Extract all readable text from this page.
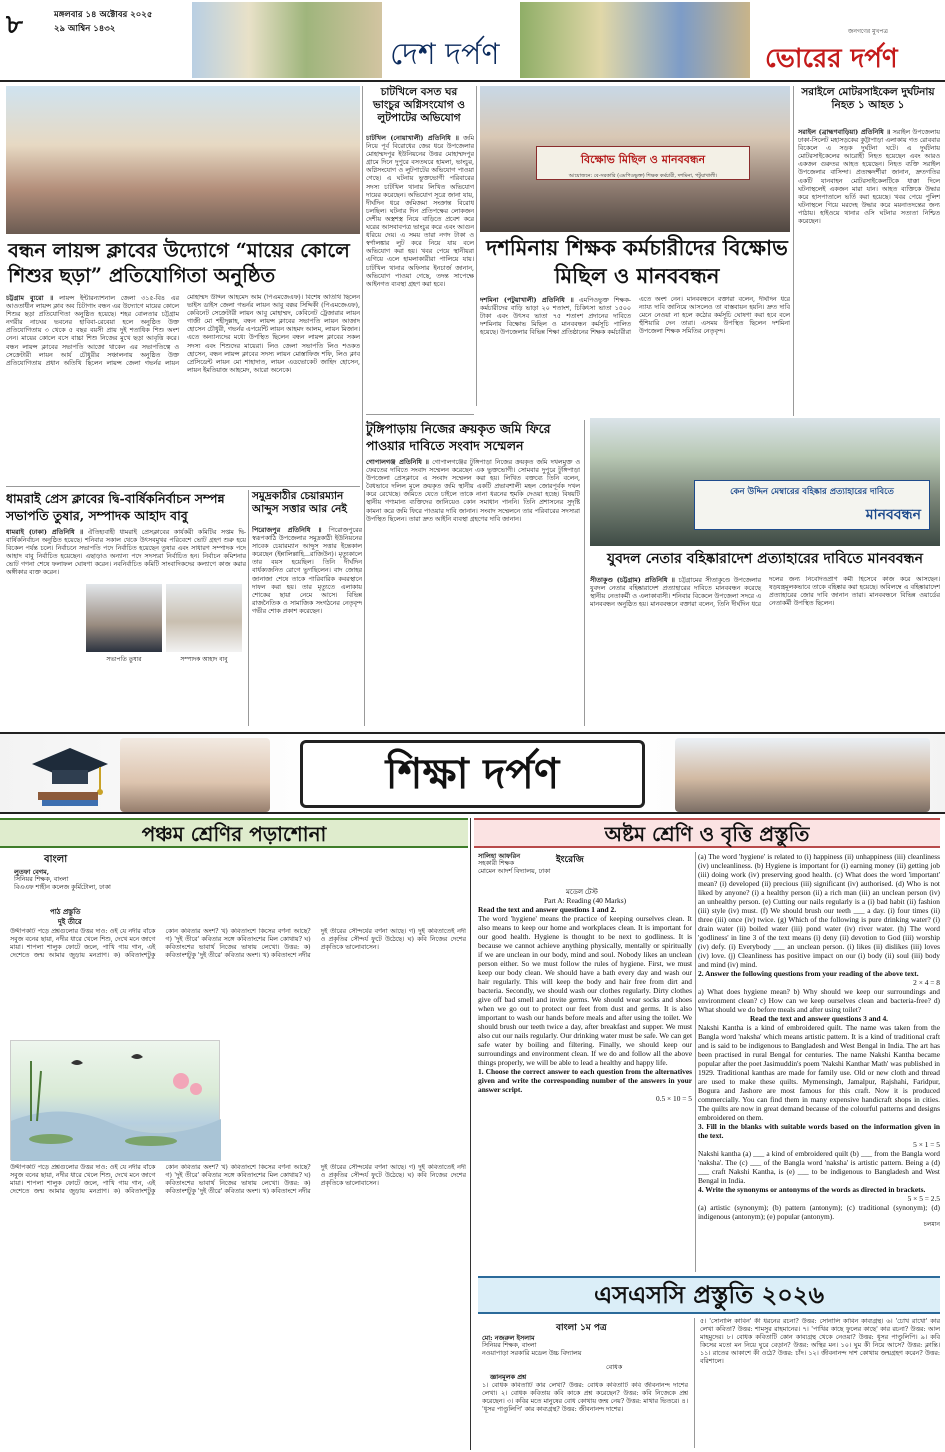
৮	মঙ্গলবার ১৪ অক্টোবর ২০২৫
২৯ আশ্বিন ১৪৩২
দেশ দর্পণ
জনগণের মুখপত্র
ভোরের দর্পণ
বন্ধন লায়ন্স ক্লাবের উদ্যোগে “মায়ের কোলে শিশুর ছড়া” প্রতিযোগিতা অনুষ্ঠিত
চট্টগ্রাম ব্যুরো ॥ লায়ন্স ইন্টারন্যাশনাল জেলা ৩১৫-বি৪ এর আওতাধীন লায়ন্স ক্লাব অব চিটাগাং বন্ধন এর উদ্যোগে মায়ের কোলে শিশুর ছড়া প্রতিযোগিতা অনুষ্ঠিত হয়েছে। শহর বোলতার চট্টগ্রাম নগরীর নাচঘর ভবনের হাবিবা-রেবেয়া হলে অনুষ্ঠিত উক্ত প্রতিযোগিতায় ৩ থেকে ৫ বছর বয়সী প্রায় দুই শতাধিক শিশু অংশ নেন। মায়ের কোলে বসে বাচ্চা শিশু নিজের মুখে ছড়া আবৃত্তি করে। বন্ধন লায়ন্স ক্লাবের সভাপতি আজো থাকেন এর সভাপতিত্বে ও সেক্রেটারী লায়ন আর্য চৌধুরীর সঞ্চালনায় অনুষ্ঠিত উক্ত প্রতিযোগিতায় প্রধান অতিথি ছিলেন লায়ন্স জেলা গভর্নর লায়ন মোহাম্মদ উদ্দিন আহমেদ আম (পিএমজেএফ)। বিশেষ অতিথি ছিলেন ভাইস ডাইস জেলা গভর্নর লায়ন আবু বক্কর সিদ্দিকী (পিএমজেএফ), কেবিনেট সেক্রেটারী লায়ন আবু মোহাম্মদ, কেবিনেট ট্রেজারার লায়ন গাজী মো শহীদুল্লাহ, বন্ধন লায়ন্স ক্লাবের সভাপতি লায়ন আজাদ হোসেন চৌধুরী, গভর্নর এপয়েন্টি লায়ন আহমদ আলম, লায়ন মিজান। এতে অন্যান্যদের মধ্যে উপস্থিত ছিলেন বন্ধন লায়ন্স ক্লাবের সকল সদস্য এবং শিশুদের মায়েরা। লিও জেলা সভাপতি লিও শওকত হোসেন, বন্ধন লায়ন্স ক্লাবের সদস্য লায়ন মোস্তাফিজ শফি, লিও ক্লাব প্রেসিডেন্ট লায়ন মো শাহাদাত, লায়ন এডভোকেট জাহিদ হোসেন, লায়ন ইমতিয়াজ আহমেদ, আরো অনেকে।
চাটখিলে বসত ঘর ভাংচুর অগ্নিসংযোগ ও লুটপাটের অভিযোগ
চাটখিল (নোয়াখালী) প্রতিনিধি ॥ জমি নিয়ে পূর্ব বিরোধের জের ধরে উপজেলার মোহাম্মদপুর ইউনিয়নের উত্তর মোহাম্মদপুর গ্রামে দিনে দুপুরে বসতঘরে হামলা, ভাংচুর, অগ্নিসংযোগ ও লুটপাটের অভিযোগ পাওয়া গেছে। এ ঘটনায় ভুক্তভোগী পরিবারের সদস্য চাটখিল থানায় লিখিত অভিযোগ দায়ের করেছেন। অভিযোগ সূত্রে জানা যায়, দীর্ঘদিন ধরে জমিজমা সংক্রান্ত বিরোধ চলছিল। ঘটনার দিন প্রতিপক্ষের লোকজন দেশীয় অস্ত্রশস্ত্র নিয়ে বাড়িতে প্রবেশ করে ঘরের আসবাবপত্র ভাংচুর করে এবং আগুন ধরিয়ে দেয়। এ সময় তারা নগদ টাকা ও স্বর্ণালঙ্কার লুট করে নিয়ে যায় বলে অভিযোগ করা হয়। খবর পেয়ে স্থানীয়রা এগিয়ে এলে হামলাকারীরা পালিয়ে যায়। চাটখিল থানার অফিসার ইনচার্জ জানান, অভিযোগ পাওয়া গেছে, তদন্ত সাপেক্ষে আইনগত ব্যবস্থা গ্রহণ করা হবে।
বিক্ষোভ মিছিল ও মানববন্ধন
আয়োজনে: বে-সরকারি (এমপিওভুক্ত) শিক্ষক কর্মচারী, দশমিনা, পটুয়াখালী।
দশমিনায় শিক্ষক কর্মচারীদের বিক্ষোভ মিছিল ও মানববন্ধন
দশমিনা (পটুয়াখালী) প্রতিনিধি ॥ এমপিওভুক্ত শিক্ষক-কর্মচারীদের বাড়ি ভাড়া ২০ শতাংশ, চিকিৎসা ভাতা ১৫০০ টাকা এবং উৎসব ভাতা ৭৫ শতাংশ প্রদানের দাবিতে দশমিনায় বিক্ষোভ মিছিল ও মানববন্ধন কর্মসূচি পালিত হয়েছে। উপজেলার বিভিন্ন শিক্ষা প্রতিষ্ঠানের শিক্ষক কর্মচারীরা এতে অংশ নেন। মানববন্ধনে বক্তারা বলেন, দীর্ঘদিন ধরে ন্যায্য দাবি জানিয়ে আসলেও তা বাস্তবায়ন হয়নি। দ্রুত দাবি মেনে নেওয়া না হলে কঠোর কর্মসূচি ঘোষণা করা হবে বলে হুঁশিয়ারি দেন তারা। এসময় উপস্থিত ছিলেন দশমিনা উপজেলা শিক্ষক সমিতির নেতৃবৃন্দ।
সরাইলে মোটরসাইকেল দুর্ঘটনায় নিহত ১ আহত ১
সরাইল (ব্রাহ্মণবাড়িয়া) প্রতিনিধি ॥ সরাইল উপজেলায় ঢাকা-সিলেট মহাসড়কের কুট্টাপাড়া এলাকায় গত রোববার বিকেলে এ সড়ক দুর্ঘটনা ঘটে। এ দুর্ঘটনায় মোটরসাইকেলের আরোহী নিহত হয়েছেন এবং আরও একজন গুরুতর আহত হয়েছেন। নিহত ব্যক্তি সরাইল উপজেলার বাসিন্দা। প্রত্যক্ষদর্শীরা জানান, দ্রুতগতির একটি যানবাহন মোটরসাইকেলটিকে ধাক্কা দিলে ঘটনাস্থলেই একজন মারা যান। আহত ব্যক্তিকে উদ্ধার করে হাসপাতালে ভর্তি করা হয়েছে। খবর পেয়ে পুলিশ ঘটনাস্থলে গিয়ে মরদেহ উদ্ধার করে ময়নাতদন্তের জন্য পাঠায়। হাইওয়ে থানার ওসি ঘটনার সত্যতা নিশ্চিত করেছেন।
টুঙ্গিপাড়ায় নিজের ক্রয়কৃত জমি ফিরে পাওয়ার দাবিতে সংবাদ সম্মেলন
গোপালগঞ্জ প্রতিনিধি ॥ গোপালগঞ্জের টুঙ্গিপাড়া নিজের ক্রয়কৃত জমি দখলমুক্ত ও ফেরতের দাবিতে সংবাদ সম্মেলন করেছেন এক ভুক্তভোগী। সোমবার দুপুরে টুঙ্গিপাড়া উপজেলা প্রেসক্লাবে এ সংবাদ সম্মেলন করা হয়। লিখিত বক্তব্যে তিনি বলেন, বৈধভাবে দলিল মূলে ক্রয়কৃত জমি স্থানীয় একটি প্রভাবশালী মহল জোরপূর্বক দখল করে রেখেছে। জমিতে যেতে চাইলে তাকে নানা ধরনের হুমকি দেওয়া হচ্ছে। বিষয়টি স্থানীয় গণ্যমান্য ব্যক্তিদের জানিয়েও কোন সমাধান পাননি। তিনি প্রশাসনের সুদৃষ্টি কামনা করে জমি ফিরে পাওয়ার দাবি জানান। সংবাদ সম্মেলনে তার পরিবারের সদস্যরা উপস্থিত ছিলেন। তারা দ্রুত আইনি ব্যবস্থা গ্রহণের দাবি জানান।
কেন উদ্দিন মেম্বারের বহিষ্কার প্রত্যাহারের দাবিতে
মানববন্ধন
যুবদল নেতার বহিষ্কারাদেশ প্রত্যাহারের দাবিতে মানববন্ধন
ধামরাই প্রেস ক্লাবের দ্বি-বার্ষিকনির্বাচন সম্পন্ন সভাপতি তুষার, সম্পাদক আহাদ বাবু
ধামরাই (ঢাকা) প্রতিনিধি ॥ ঐতিহ্যবাহী ধামরাই প্রেসক্লাবের কার্যকরী কমিটির সপ্তম দ্বি-বার্ষিকনির্বাচন অনুষ্ঠিত হয়েছে। শনিবার সকাল থেকে উৎসবমুখর পরিবেশে ভোট গ্রহণ শুরু হয়ে বিকেল পর্যন্ত চলে। নির্বাচনে সভাপতি পদে নির্বাচিত হয়েছেন তুষার এবং সাধারণ সম্পাদক পদে আহাদ বাবু নির্বাচিত হয়েছেন। এছাড়াও অন্যান্য পদে সদস্যরা নির্বাচিত হন। নির্বাচন কমিশনার ভোট গণনা শেষে ফলাফল ঘোষণা করেন। নবনির্বাচিত কমিটি সাংবাদিকদের কল্যাণে কাজ করার অঙ্গীকার ব্যক্ত করেন।
সভাপতি তুষার	সম্পাদক আহাদ বাবু
সমুদ্রকাঠীর চেয়ারম্যান আব্দুস সত্তার আর নেই
পিরোজপুর প্রতিনিধি ॥ পিরোজপুরের স্বরূপকাঠি উপজেলার সমুদ্রকাঠী ইউনিয়নের সাবেক চেয়ারম্যান আব্দুস সত্তার ইন্তেকাল করেছেন (ইন্নালিল্লাহি...রাজিউন)। মৃত্যুকালে তার বয়স হয়েছিল। তিনি দীর্ঘদিন বার্ধক্যজনিত রোগে ভুগছিলেন। বাদ জোহর জানাজা শেষে তাকে পারিবারিক কবরস্থানে দাফন করা হয়। তার মৃত্যুতে এলাকায় শোকের ছায়া নেমে আসে। বিভিন্ন রাজনৈতিক ও সামাজিক সংগঠনের নেতৃবৃন্দ গভীর শোক প্রকাশ করেছেন।
সীতাকুণ্ড (চট্টগ্রাম) প্রতিনিধি ॥ চট্টগ্রামের সীতাকুণ্ডে উপজেলার যুবদল নেতার বহিষ্কারাদেশ প্রত্যাহারের দাবিতে মানববন্ধন করেছে স্থানীয় নেতাকর্মী ও এলাকাবাসী। শনিবার বিকেলে উপজেলা সদরে এ মানববন্ধন অনুষ্ঠিত হয়। মানববন্ধনে বক্তারা বলেন, তিনি দীর্ঘদিন ধরে দলের জন্য নিবেদিতপ্রাণ কর্মী হিসেবে কাজ করে আসছেন। ষড়যন্ত্রমূলকভাবে তাকে বহিষ্কার করা হয়েছে। অবিলম্বে এ বহিষ্কারাদেশ প্রত্যাহারের জোর দাবি জানান তারা। মানববন্ধনে বিভিন্ন ওয়ার্ডের নেতাকর্মী উপস্থিত ছিলেন।
শিক্ষা দর্পণ
পঞ্চম শ্রেণির পড়াশোনা
বাংলা
লুতফা বেগম,
সিনিয়র শিক্ষক, বাংলা
বিএএফ শাহীন কলেজ কুর্মিটোলা, ঢাকা
পাঠ প্রস্তুতি
দুই তীরে
উদ্দীপকটি পড়ে প্রশ্নগুলোর উত্তর দাও: ওই যে নদীর বাঁকে সবুজ বনের ছায়া, নদীর ধারে খেলে শিশু, দেখে মনে জাগে মায়া। শাপলা শালুক ফোটে জলে, পাখি গায় গান, এই দেশেতে জন্ম আমার জুড়ায় মনপ্রাণ। ক) কবিতাংশটুকু কোন কবিতার অংশ? খ) কবিতাংশে কিসের বর্ণনা আছে? গ) 'দুই তীরে' কবিতার সঙ্গে কবিতাংশের মিল কোথায়? ঘ) কবিতাংশের ভাবার্থ নিজের ভাষায় লেখো। উত্তর: ক) কবিতাংশটুকু 'দুই তীরে' কবিতার অংশ। খ) কবিতাংশে নদীর দুই তীরের সৌন্দর্যের বর্ণনা আছে। গ) দুই কবিতাতেই নদী ও প্রকৃতির সৌন্দর্য ফুটে উঠেছে। ঘ) কবি নিজের দেশের প্রকৃতিকে ভালোবাসেন।
উদ্দীপকটি পড়ে প্রশ্নগুলোর উত্তর দাও: ওই যে নদীর বাঁকে সবুজ বনের ছায়া, নদীর ধারে খেলে শিশু, দেখে মনে জাগে মায়া। শাপলা শালুক ফোটে জলে, পাখি গায় গান, এই দেশেতে জন্ম আমার জুড়ায় মনপ্রাণ। ক) কবিতাংশটুকু কোন কবিতার অংশ? খ) কবিতাংশে কিসের বর্ণনা আছে? গ) 'দুই তীরে' কবিতার সঙ্গে কবিতাংশের মিল কোথায়? ঘ) কবিতাংশের ভাবার্থ নিজের ভাষায় লেখো। উত্তর: ক) কবিতাংশটুকু 'দুই তীরে' কবিতার অংশ। খ) কবিতাংশে নদীর দুই তীরের সৌন্দর্যের বর্ণনা আছে। গ) দুই কবিতাতেই নদী ও প্রকৃতির সৌন্দর্য ফুটে উঠেছে। ঘ) কবি নিজের দেশের প্রকৃতিকে ভালোবাসেন।
অষ্টম শ্রেণি ও বৃত্তি প্রস্তুতি
ইংরেজি
সালিহা আফরিন
সহকারী শিক্ষক
মোমেন আদর্শ বিদ্যালয়, ঢাকা
মডেল টেস্ট
Part A: Reading (40 Marks)
Read the text and answer questions 1 and 2.
The word 'hygiene' means the practice of keeping ourselves clean. It also means to keep our home and workplaces clean. It is important for our good health. Hygiene is thought to be next to godliness. It is because we cannot achieve anything physically, mentally or spiritually if we are unclean in our body, mind and soul. Nobody likes an unclean person either. So we must follow the rules of hygiene. First, we must keep our body clean. We should have a bath every day and wash our hair regularly. This will keep the body and hair free from dirt and bacteria. Secondly, we should wash our clothes regularly. Dirty clothes give off bad smell and invite germs. We should wear socks and shoes when we go out to protect our feet from dust and germs. It is also important to wash our hands before meals and after using the toilet. We should brush our teeth twice a day, after breakfast and supper. We must also cut our nails regularly. Our drinking water must be safe. We can get safe water by boiling and filtering. Finally, we should keep our surroundings and environment clean. If we do and follow all the above things properly, we will be able to lead a healthy and happy life.
1. Choose the correct answer to each question from the alternatives given and write the corresponding number of the answers in your answer script.
0.5 × 10 = 5
(a) The word 'hygiene' is related to (i) happiness (ii) unhappiness (iii) cleanliness (iv) uncleanliness. (b) Hygiene is important for (i) earning money (ii) getting job (iii) doing work (iv) preserving good health. (c) What does the word 'important' mean? (i) developed (ii) precious (iii) significant (iv) authorised. (d) Who is not liked by anyone? (i) a healthy person (ii) a rich man (iii) an unclean person (iv) an unhealthy person. (e) Cutting our nails regularly is a (i) bad habit (ii) fashion (iii) style (iv) must. (f) We should brush our teeth ___ a day. (i) four times (ii) three (iii) once (iv) twice. (g) Which of the following is pure drinking water? (i) drain water (ii) boiled water (iii) pond water (iv) river water. (h) The word 'godliness' in line 3 of the text means (i) deny (ii) devotion to God (iii) worship (iv) defy. (i) Everybody ___ an unclean person. (i) likes (ii) dislikes (iii) loves (iv) love. (j) Cleanliness has positive impact on our (i) body (ii) soul (iii) body and mind (iv) mind.
2. Answer the following questions from your reading of the above text.
2 × 4 = 8
a) What does hygiene mean? b) Why should we keep our surroundings and environment clean? c) How can we keep ourselves clean and bacteria-free? d) What should we do before meals and after using toilet?
Read the text and answer questions 3 and 4.
Nakshi Kantha is a kind of embroidered quilt. The name was taken from the Bangla word 'naksha' which means artistic pattern. It is a kind of traditional craft and is said to be indigenous to Bangladesh and West Bengal in India. The art has been practised in rural Bengal for centuries. The name Nakshi Kantha became popular after the poet Jasimuddin's poem 'Nakshi Kanthar Math' was published in 1929. Traditional kanthas are made for family use. Old or new cloth and thread are used to make these quilts. Mymensingh, Jamalpur, Rajshahi, Faridpur, Bogura and Jashore are most famous for this craft. Now it is produced commercially. You can find them in many expensive handicraft shops in cities. The quilts are now in great demand because of the colourful patterns and designs embroidered on them.
3. Fill in the blanks with suitable words based on the information given in the text.
5 × 1 = 5
Nakshi kantha (a) ___ a kind of embroidered quilt (b) ___ from the Bangla word 'naksha'. The (c) ___ of the Bangla word 'naksha' is artistic pattern. Being a (d) ___ craft Nakshi Kantha, is (e) ___ to be indigenous to Bangladesh and West Bengal in India.
4. Write the synonyms or antonyms of the words as directed in brackets.
5 × 5 = 2.5
(a) artistic (synonym); (b) pattern (antonym); (c) traditional (synonym); (d) indigenous (antonym); (e) popular (antonym).
চলমান
এসএসসি প্রস্তুতি ২০২৬
বাংলা ১ম পত্র
মো: নজরুল ইসলাম
সিনিয়র শিক্ষক, বাংলা
নওয়াপাড়া সরকারি মডেল উচ্চ বিদ্যালয়
বোধক
জ্ঞানমূলক প্রশ্ন
১। বোধক কবিতাটি কার লেখা? উত্তর: বোধক কবিতাটি কবি জীবনানন্দ দাশের লেখা। ২। বোধক কবিতায় কবি কাকে প্রশ্ন করেছেন? উত্তর: কবি নিজেকে প্রশ্ন করেছেন। ৩। কবির মতে মানুষের বোধ কোথায় জন্ম নেয়? উত্তর: মাথার ভিতরে। ৪। 'ধূসর পাণ্ডুলিপি' কার কাব্যগ্রন্থ? উত্তর: জীবনানন্দ দাশের।
৫। 'সোনালি কাবিন' কী ধরনের রচনা? উত্তর: সোনালি কাবিন কাব্যগ্রন্থ। ৬। 'চোখ রাখো' কার লেখা কবিতা? উত্তর: শামসুর রাহমানের। ৭। 'পাখির কাছে ফুলের কাছে' কার রচনা? উত্তর: আল মাহমুদের। ৮। বোধক কবিতাটি কোন কাব্যগ্রন্থ থেকে নেওয়া? উত্তর: ধূসর পাণ্ডুলিপি। ৯। কবি কিসের মতো মন নিয়ে ঘুরে বেড়ান? উত্তর: অস্থির মন। ১০। ঘুম কী নিয়ে আসে? উত্তর: ক্লান্তি। ১১। রাতের আকাশে কী ওঠে? উত্তর: চাঁদ। ১২। জীবনানন্দ দাশ কোথায় জন্মগ্রহণ করেন? উত্তর: বরিশালে।
